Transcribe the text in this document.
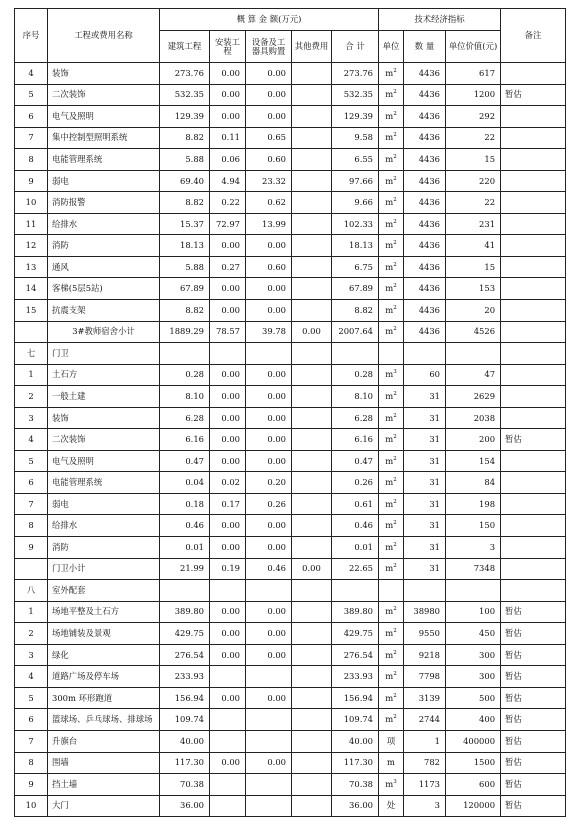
序号	工程或费用名称	概 算 金 额(万元)					技术经济指标			备注
		建筑工程	安装工程	设备及工器具购置	其他费用	合 计	单位	数 量	单位价值(元)	
4	装饰	273.76	0.00	0.00		273.76	$m^2$	4436	617	
5	二次装饰	532.35	0.00	0.00		532.35	$m^2$	4436	1200	暂估
6	电气及照明	129.39	0.00	0.00		129.39	$m^2$	4436	292	
7	集中控制型照明系统	8.82	0.11	0.65		9.58	$m^2$	4436	22	
8	电能管理系统	5.88	0.06	0.60		6.55	$m^2$	4436	15	
9	弱电	69.40	4.94	23.32		97.66	$m^2$	4436	220	
10	消防报警	8.82	0.22	0.62		9.66	$m^2$	4436	22	
11	给排水	15.37	72.97	13.99		102.33	$m^2$	4436	231	
12	消防	18.13	0.00	0.00		18.13	$m^2$	4436	41	
13	通风	5.88	0.27	0.60		6.75	$m^2$	4436	15	
14	客梯(5层5站)	67.89	0.00	0.00		67.89	$m^2$	4436	153	
15	抗震支架	8.82	0.00	0.00		8.82	$m^2$	4436	20	
	3#教师宿舍小计	1889.29	78.57	39.78	0.00	2007.64	$m^2$	4436	4526	
七	门卫									
1	土石方	0.28	0.00	0.00		0.28	$m^3$	60	47	
2	一般土建	8.10	0.00	0.00		8.10	$m^2$	31	2629	
3	装饰	6.28	0.00	0.00		6.28	$m^2$	31	2038	
4	二次装饰	6.16	0.00	0.00		6.16	$m^2$	31	200	暂估
5	电气及照明	0.47	0.00	0.00		0.47	$m^2$	31	154	
6	电能管理系统	0.04	0.02	0.20		0.26	$m^2$	31	84	
7	弱电	0.18	0.17	0.26		0.61	$m^2$	31	198	
8	给排水	0.46	0.00	0.00		0.46	$m^2$	31	150	
9	消防	0.01	0.00	0.00		0.01	$m^2$	31	3	
	门卫小计	21.99	0.19	0.46	0.00	22.65	$m^2$	31	7348	
八	室外配套									
1	场地平整及土石方	389.80	0.00	0.00		389.80	$m^2$	38980	100	暂估
2	场地铺装及景观	429.75	0.00	0.00		429.75	$m^2$	9550	450	暂估
3	绿化	276.54	0.00	0.00		276.54	$m^2$	9218	300	暂估
4	道路广场及停车场	233.93				233.93	$m^2$	7798	300	暂估
5	300m 环形跑道	156.94	0.00	0.00		156.94	$m^2$	3139	500	暂估
6	篮球场、乒乓球场、排球场	109.74				109.74	$m^2$	2744	400	暂估
7	升旗台	40.00				40.00	项	1	400000	暂估
8	围墙	117.30	0.00	0.00		117.30	m	782	1500	暂估
9	挡土墙	70.38				70.38	$m^3$	1173	600	暂估
10	大门	36.00				36.00	处	3	120000	暂估
